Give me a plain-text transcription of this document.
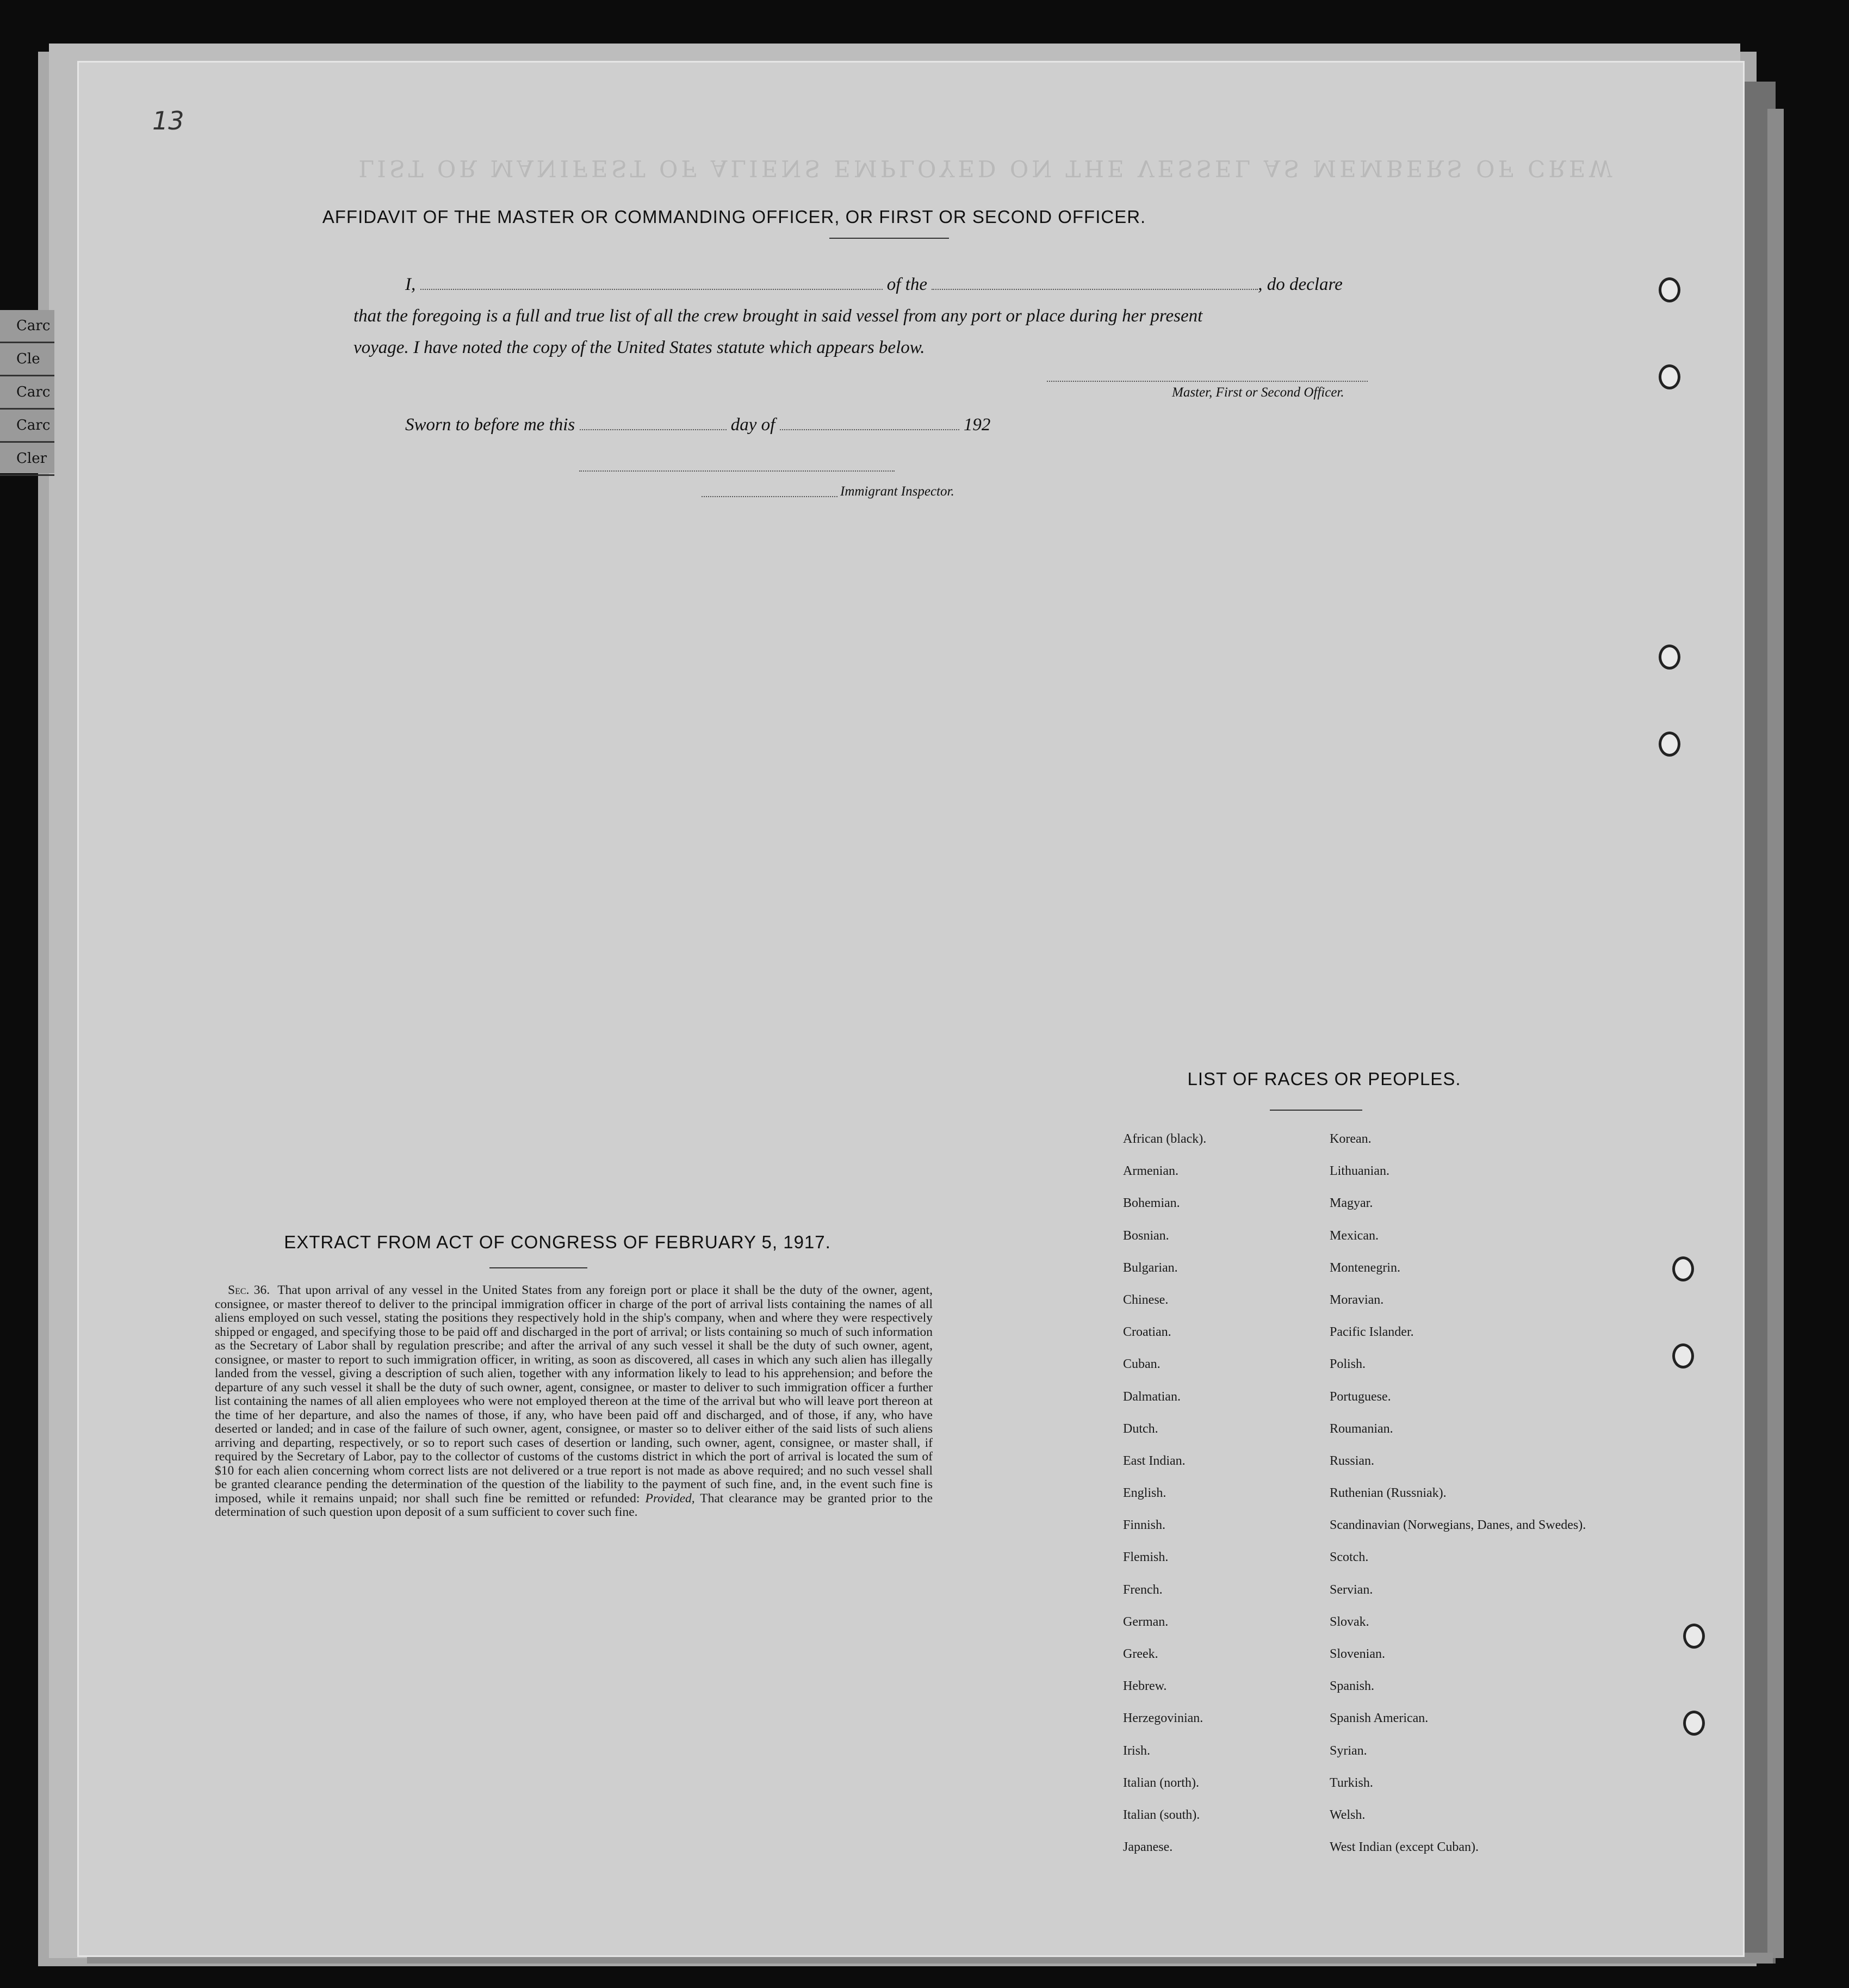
Carc
Cle
Carc
Carc
Cler
13
LIST OR MANIFEST OF ALIENS EMPLOYED ON THE VESSEL AS MEMBERS OF CREW
AFFIDAVIT OF THE MASTER OR COMMANDING OFFICER, OR FIRST OR SECOND OFFICER.
I,	of the	, do declare
that the foregoing is a full and true list of all the crew brought in said vessel from any port or place during her present
voyage. I have noted the copy of the United States statute which appears below.
Master, First or Second Officer.
Sworn to before me this	day of	192
Immigrant Inspector.
EXTRACT FROM ACT OF CONGRESS OF FEBRUARY 5, 1917.
Sec. 36. That upon arrival of any vessel in the United States from any foreign port or place it shall be the duty of the owner, agent, consignee, or master thereof to deliver to the principal immigration officer in charge of the port of arrival lists containing the names of all aliens employed on such vessel, stating the positions they respectively hold in the ship's company, when and where they were respectively shipped or engaged, and specifying those to be paid off and discharged in the port of arrival; or lists containing so much of such information as the Secretary of Labor shall by regulation prescribe; and after the arrival of any such vessel it shall be the duty of such owner, agent, consignee, or master to report to such immigration officer, in writing, as soon as discovered, all cases in which any such alien has illegally landed from the vessel, giving a description of such alien, together with any information likely to lead to his apprehension; and before the departure of any such vessel it shall be the duty of such owner, agent, consignee, or master to deliver to such immigration officer a further list containing the names of all alien employees who were not employed thereon at the time of the arrival but who will leave port thereon at the time of her departure, and also the names of those, if any, who have been paid off and discharged, and of those, if any, who have deserted or landed; and in case of the failure of such owner, agent, consignee, or master so to deliver either of the said lists of such aliens arriving and departing, respectively, or so to report such cases of desertion or landing, such owner, agent, consignee, or master shall, if required by the Secretary of Labor, pay to the collector of customs of the customs district in which the port of arrival is located the sum of $10 for each alien concerning whom correct lists are not delivered or a true report is not made as above required; and no such vessel shall be granted clearance pending the determination of the question of the liability to the payment of such fine, and, in the event such fine is imposed, while it remains unpaid; nor shall such fine be remitted or refunded: Provided, That clearance may be granted prior to the determination of such question upon deposit of a sum sufficient to cover such fine.
LIST OF RACES OR PEOPLES.
African (black).	Korean.
Armenian.	Lithuanian.
Bohemian.	Magyar.
Bosnian.	Mexican.
Bulgarian.	Montenegrin.
Chinese.	Moravian.
Croatian.	Pacific Islander.
Cuban.	Polish.
Dalmatian.	Portuguese.
Dutch.	Roumanian.
East Indian.	Russian.
English.	Ruthenian (Russniak).
Finnish.	Scandinavian (Norwegians, Danes, and Swedes).
Flemish.	Scotch.
French.	Servian.
German.	Slovak.
Greek.	Slovenian.
Hebrew.	Spanish.
Herzegovinian.	Spanish American.
Irish.	Syrian.
Italian (north).	Turkish.
Italian (south).	Welsh.
Japanese.	West Indian (except Cuban).
